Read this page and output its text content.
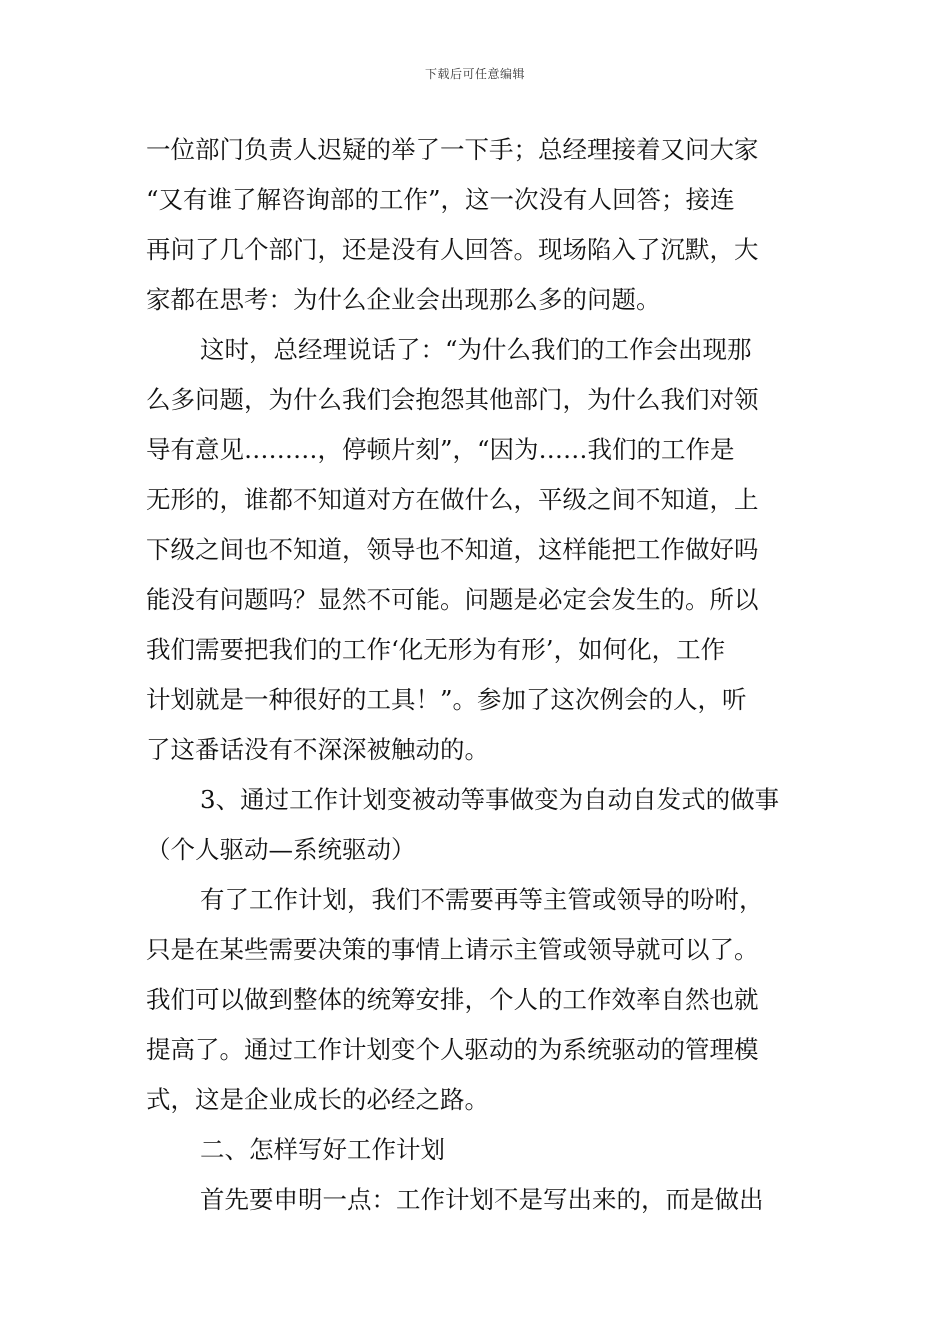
下载后可任意编辑
一位部门负责人迟疑的举了一下手；总经理接着又问大家
“又有谁了解咨询部的工作”，这一次没有人回答；接连
再问了几个部门，还是没有人回答。现场陷入了沉默，大
家都在思考：为什么企业会出现那么多的问题。
这时，总经理说话了：“为什么我们的工作会出现那
么多问题，为什么我们会抱怨其他部门，为什么我们对领
导有意见………，停顿片刻”，“因为……我们的工作是
无形的，谁都不知道对方在做什么，平级之间不知道，上
下级之间也不知道，领导也不知道，这样能把工作做好吗
能没有问题吗？显然不可能。问题是必定会发生的。所以
我们需要把我们的工作‘化无形为有形’，如何化，工作
计划就是一种很好的工具！”。参加了这次例会的人，听
了这番话没有不深深被触动的。
3、通过工作计划变被动等事做变为自动自发式的做事
（个人驱动—系统驱动）
有了工作计划，我们不需要再等主管或领导的吩咐，
只是在某些需要决策的事情上请示主管或领导就可以了。
我们可以做到整体的统筹安排，个人的工作效率自然也就
提高了。通过工作计划变个人驱动的为系统驱动的管理模
式，这是企业成长的必经之路。
二、怎样写好工作计划
首先要申明一点：工作计划不是写出来的，而是做出
